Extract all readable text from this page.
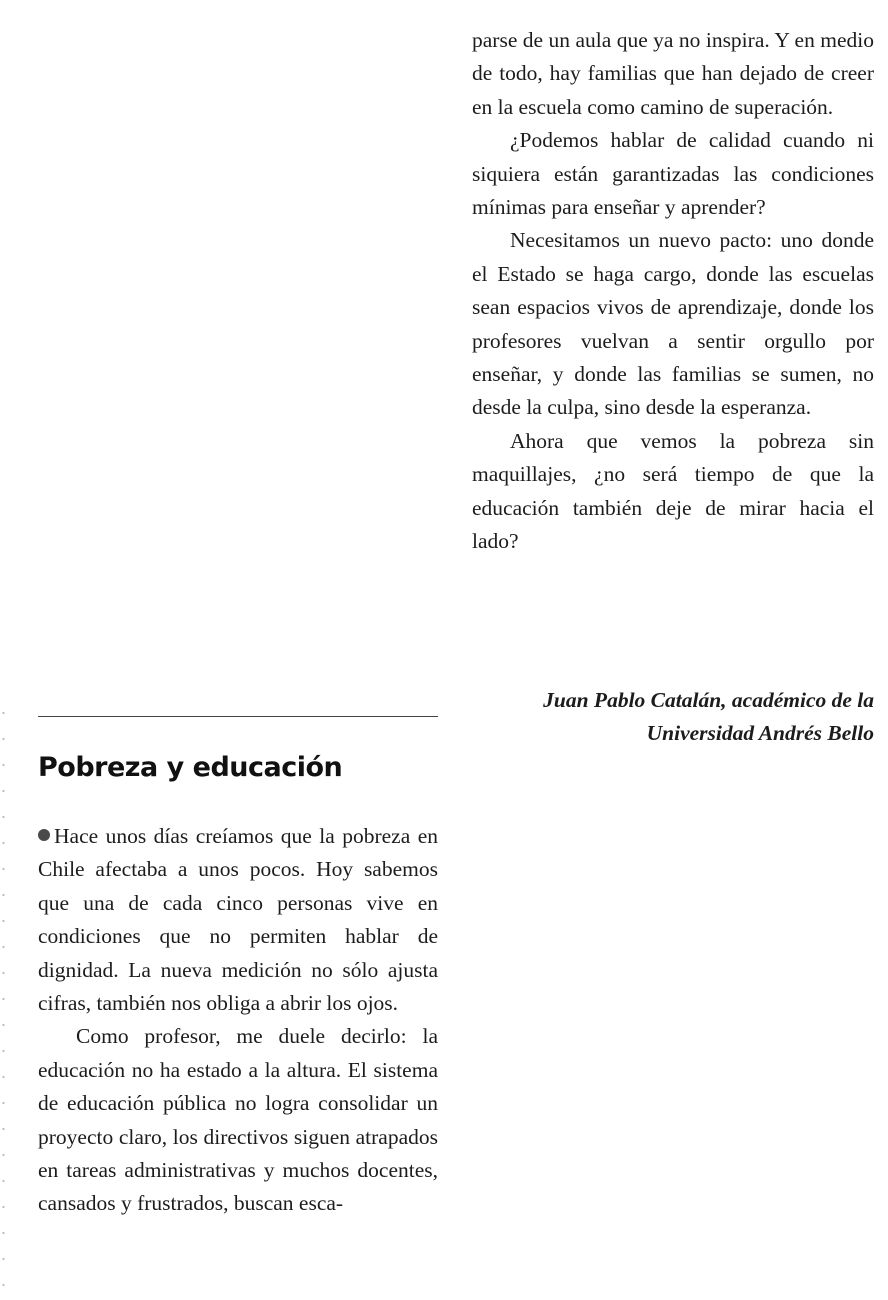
parse de un aula que ya no inspira. Y en medio de todo, hay familias que han dejado de creer en la escuela como camino de superación.

¿Podemos hablar de calidad cuando ni siquiera están garantizadas las condiciones mínimas para enseñar y aprender?

Necesitamos un nuevo pacto: uno donde el Estado se haga cargo, donde las escuelas sean espacios vivos de aprendizaje, donde los profesores vuelvan a sentir orgullo por enseñar, y donde las familias se sumen, no desde la culpa, sino desde la esperanza.

Ahora que vemos la pobreza sin maquillajes, ¿no será tiempo de que la educación también deje de mirar hacia el lado?

Juan Pablo Catalán, académico de la
Universidad Andrés Bello
Pobreza y educación

Hace unos días creíamos que la pobreza en Chile afectaba a unos pocos. Hoy sabemos que una de cada cinco personas vive en condiciones que no permiten hablar de dignidad. La nueva medición no sólo ajusta cifras, también nos obliga a abrir los ojos.

Como profesor, me duele decirlo: la educación no ha estado a la altura. El sistema de educación pública no logra consolidar un proyecto claro, los directivos siguen atrapados en tareas administrativas y muchos docentes, cansados y frustrados, buscan esca-
